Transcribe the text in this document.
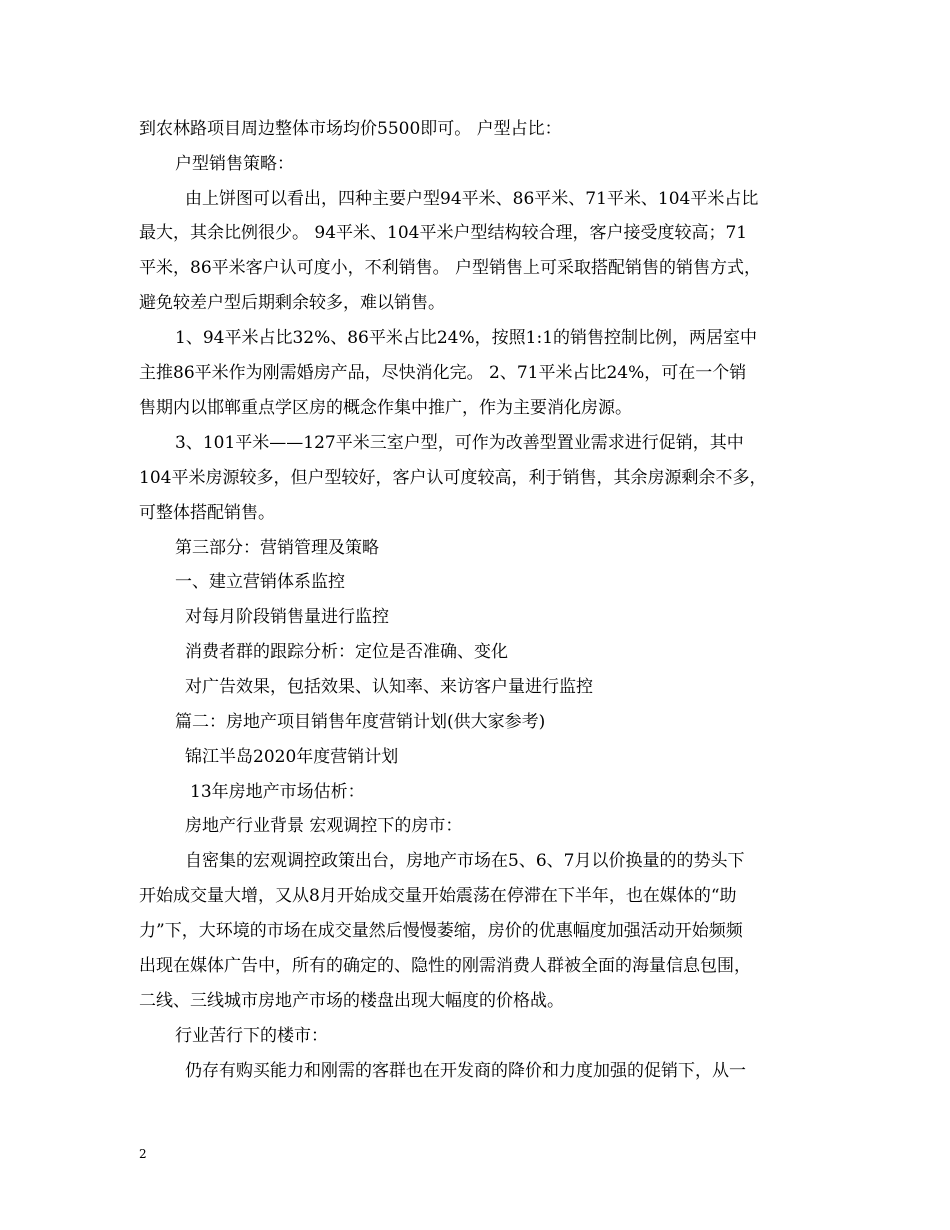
到农林路项目周边整体市场均价5500即可。 户型占比：
户型销售策略：
由上饼图可以看出，四种主要户型94平米、86平米、71平米、104平米占比
最大，其余比例很少。 94平米、104平米户型结构较合理，客户接受度较高；71
平米，86平米客户认可度小，不利销售。 户型销售上可采取搭配销售的销售方式，
避免较差户型后期剩余较多，难以销售。
1、94平米占比32%、86平米占比24%，按照1:1的销售控制比例，两居室中
主推86平米作为刚需婚房产品，尽快消化完。 2、71平米占比24%，可在一个销
售期内以邯郸重点学区房的概念作集中推广，作为主要消化房源。
3、101平米——127平米三室户型，可作为改善型置业需求进行促销，其中
104平米房源较多，但户型较好，客户认可度较高，利于销售，其余房源剩余不多，
可整体搭配销售。
第三部分：营销管理及策略
一、建立营销体系监控
对每月阶段销售量进行监控
消费者群的跟踪分析：定位是否准确、变化
对广告效果，包括效果、认知率、来访客户量进行监控
篇二：房地产项目销售年度营销计划(供大家参考)
锦江半岛2020年度营销计划
13年房地产市场估析：
房地产行业背景 宏观调控下的房市：
自密集的宏观调控政策出台，房地产市场在5、6、7月以价换量的的势头下
开始成交量大增，又从8月开始成交量开始震荡在停滞在下半年，也在媒体的“助
力”下，大环境的市场在成交量然后慢慢萎缩，房价的优惠幅度加强活动开始频频
出现在媒体广告中，所有的确定的、隐性的刚需消费人群被全面的海量信息包围，
二线、三线城市房地产市场的楼盘出现大幅度的价格战。
行业苦行下的楼市：
仍存有购买能力和刚需的客群也在开发商的降价和力度加强的促销下，从一
2
